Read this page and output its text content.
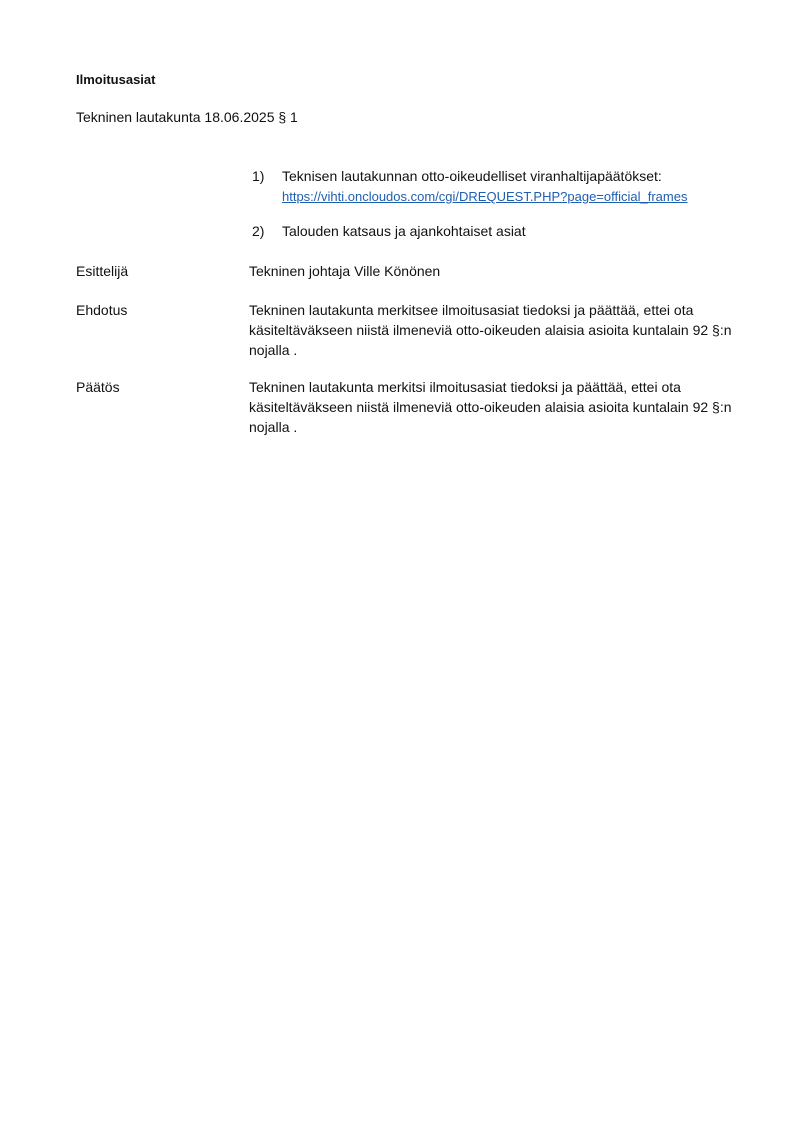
Ilmoitusasiat
Tekninen lautakunta 18.06.2025 § 1
1)	Teknisen lautakunnan otto-oikeudelliset viranhaltijapäätökset:
https://vihti.oncloudos.com/cgi/DREQUEST.PHP?page=official_frames
2)	Talouden katsaus ja ajankohtaiset asiat
Esittelijä	Tekninen johtaja Ville Könönen
Ehdotus	Tekninen lautakunta merkitsee ilmoitusasiat tiedoksi ja päättää, ettei ota käsiteltäväkseen niistä ilmeneviä otto-oikeuden alaisia asioita kuntalain 92 §:n nojalla .
Päätös	Tekninen lautakunta merkitsi ilmoitusasiat tiedoksi ja päättää, ettei ota käsiteltäväkseen niistä ilmeneviä otto-oikeuden alaisia asioita kuntalain 92 §:n nojalla .
